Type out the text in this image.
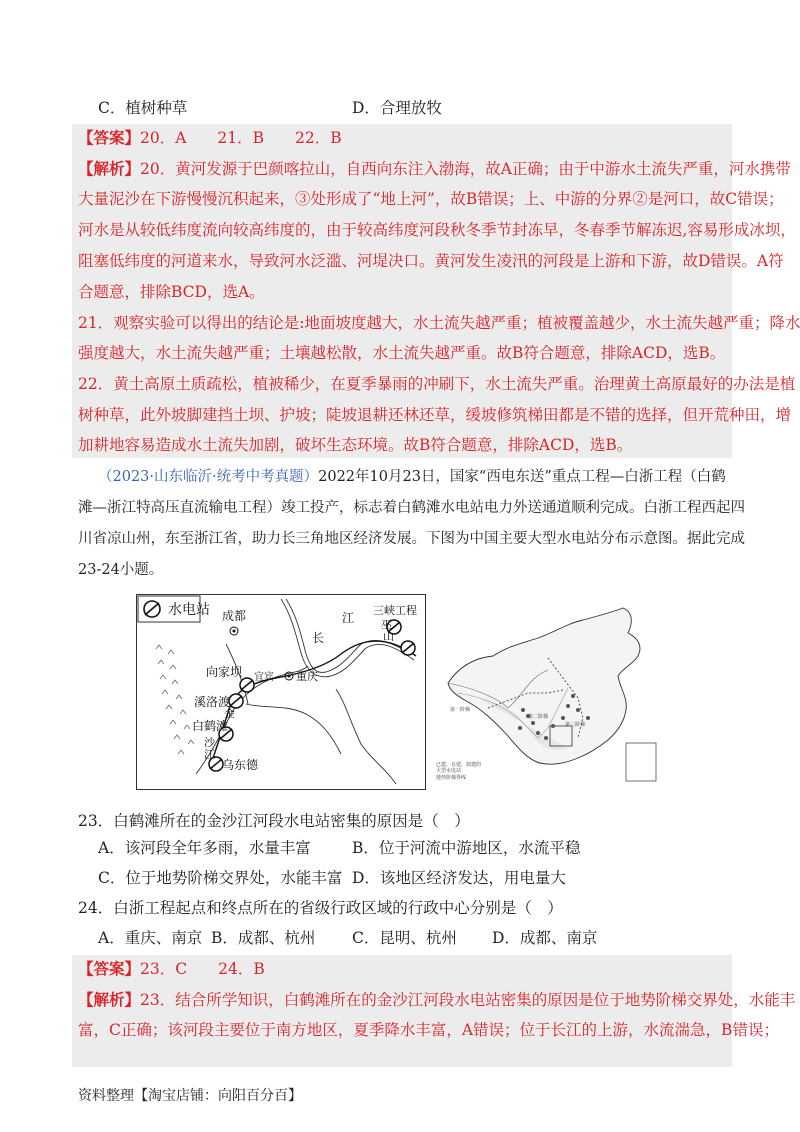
C．植树种草	D．合理放牧
【答案】20．A　　21．B　　22．B
【解析】20．黄河发源于巴颜喀拉山，自西向东注入渤海，故A正确；由于中游水土流失严重，河水携带
大量泥沙在下游慢慢沉积起来，③处形成了“地上河”，故B错误；上、中游的分界②是河口，故C错误；
河水是从较低纬度流向较高纬度的，由于较高纬度河段秋冬季节封冻早，冬春季节解冻迟,容易形成冰坝，
阻塞低纬度的河道来水，导致河水泛滥、河堤决口。黄河发生凌汛的河段是上游和下游，故D错误。A符
合题意，排除BCD，选A。
21．观察实验可以得出的结论是:地面坡度越大，水土流失越严重；植被覆盖越少，水土流失越严重；降水
强度越大，水土流失越严重；土壤越松散，水土流失越严重。故B符合题意，排除ACD，选B。
22．黄土高原土质疏松，植被稀少，在夏季暴雨的冲刷下，水土流失严重。治理黄土高原最好的办法是植
树种草，此外坡脚建挡土坝、护坡；陡坡退耕还林还草，缓坡修筑梯田都是不错的选择，但开荒种田，增
加耕地容易造成水土流失加剧，破坏生态环境。故B符合题意，排除ACD，选B。
（2023·山东临沂·统考中考真题）2022年10月23日，国家“西电东送”重点工程—白浙工程（白鹤
滩—浙江特高压直流输电工程）竣工投产，标志着白鹤滩水电站电力外送通道顺利完成。白浙工程西起四
川省凉山州，东至浙江省，助力长三角地区经济发展。下图为中国主要大型水电站分布示意图。据此完成
23-24小题。
水电站 成都
重庆
宜宾
向家坝
溪洛渡
白鹤滩
乌东德
三峡工程
江
长
巫
山
金
沙
江
第一阶梯
第二阶梯
第三阶梯
已建、在建、拟建的
大型水电站
地势阶梯界线
23．白鹤滩所在的金沙江河段水电站密集的原因是（　）
A．该河段全年多雨，水量丰富	B．位于河流中游地区，水流平稳
C．位于地势阶梯交界处，水能丰富 D．该地区经济发达，用电量大
24．白浙工程起点和终点所在的省级行政区域的行政中心分别是（　）
A．重庆、南京 B．成都、杭州 C．昆明、杭州 D．成都、南京
【答案】23．C　　24．B
【解析】23．结合所学知识，白鹤滩所在的金沙江河段水电站密集的原因是位于地势阶梯交界处，水能丰
富，C正确；该河段主要位于南方地区，夏季降水丰富，A错误；位于长江的上游，水流湍急，B错误；
资料整理【淘宝店铺：向阳百分百】
